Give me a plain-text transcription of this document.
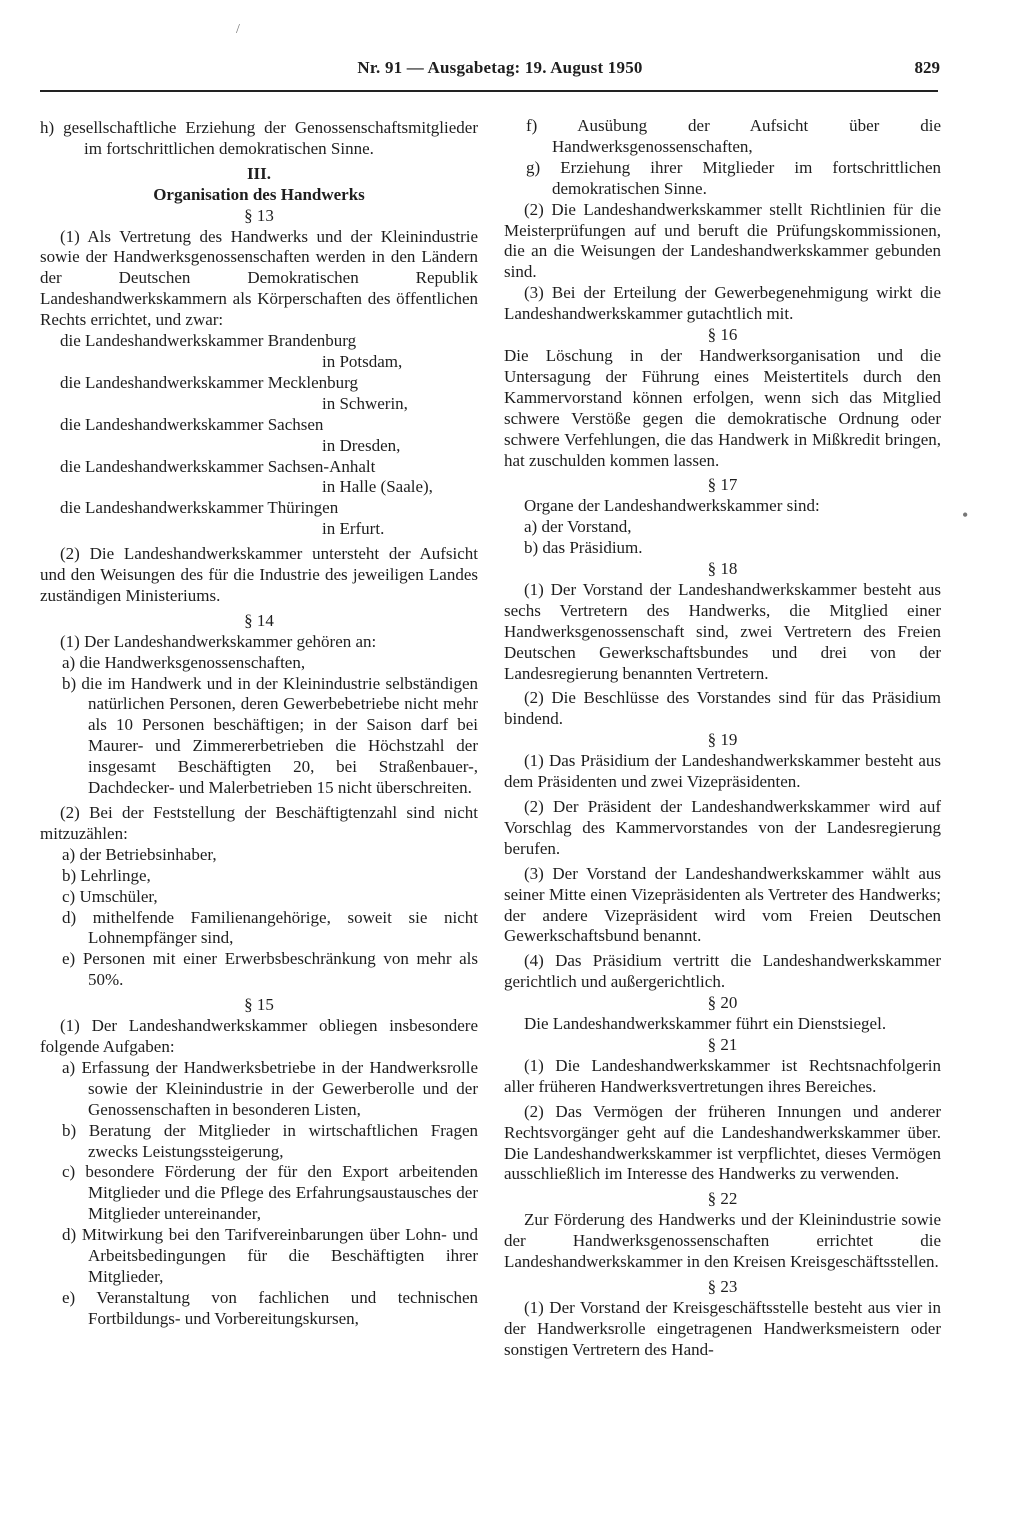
Nr. 91 — Ausgabetag: 19. August 1950	829

h) gesellschaftliche Erziehung der Genossenschaftsmitglieder im fortschrittlichen demokratischen Sinne.

III.

Organisation des Handwerks

§ 13

(1) Als Vertretung des Handwerks und der Kleinindustrie sowie der Handwerksgenossenschaften werden in den Ländern der Deutschen Demokratischen Republik Landeshandwerkskammern als Körperschaften des öffentlichen Rechts errichtet, und zwar:

die Landeshandwerkskammer Brandenburg
in Potsdam,

die Landeshandwerkskammer Mecklenburg
in Schwerin,

die Landeshandwerkskammer Sachsen
in Dresden,

die Landeshandwerkskammer Sachsen-Anhalt
in Halle (Saale),

die Landeshandwerkskammer Thüringen
in Erfurt.

(2) Die Landeshandwerkskammer untersteht der Aufsicht und den Weisungen des für die Industrie des jeweiligen Landes zuständigen Ministeriums.

§ 14

(1) Der Landeshandwerkskammer gehören an:

a) die Handwerksgenossenschaften,

b) die im Handwerk und in der Kleinindustrie selbständigen natürlichen Personen, deren Gewerbebetriebe nicht mehr als 10 Personen beschäftigen; in der Saison darf bei Maurer- und Zimmererbetrieben die Höchstzahl der insgesamt Beschäftigten 20, bei Straßenbauer-, Dachdecker- und Malerbetrieben 15 nicht überschreiten.

(2) Bei der Feststellung der Beschäftigtenzahl sind nicht mitzuzählen:

a) der Betriebsinhaber,

b) Lehrlinge,

c) Umschüler,

d) mithelfende Familienangehörige, soweit sie nicht Lohnempfänger sind,

e) Personen mit einer Erwerbsbeschränkung von mehr als 50%.

§ 15

(1) Der Landeshandwerkskammer obliegen insbesondere folgende Aufgaben:

a) Erfassung der Handwerksbetriebe in der Handwerksrolle sowie der Kleinindustrie in der Gewerberolle und der Genossenschaften in besonderen Listen,

b) Beratung der Mitglieder in wirtschaftlichen Fragen zwecks Leistungssteigerung,

c) besondere Förderung der für den Export arbeitenden Mitglieder und die Pflege des Erfahrungsaustausches der Mitglieder untereinander,

d) Mitwirkung bei den Tarifvereinbarungen über Lohn- und Arbeitsbedingungen für die Beschäftigten ihrer Mitglieder,

e) Veranstaltung von fachlichen und technischen Fortbildungs- und Vorbereitungskursen,

f) Ausübung der Aufsicht über die Handwerksgenossenschaften,

g) Erziehung ihrer Mitglieder im fortschrittlichen demokratischen Sinne.

(2) Die Landeshandwerkskammer stellt Richtlinien für die Meisterprüfungen auf und beruft die Prüfungskommissionen, die an die Weisungen der Landeshandwerkskammer gebunden sind.

(3) Bei der Erteilung der Gewerbegenehmigung wirkt die Landeshandwerkskammer gutachtlich mit.

§ 16

Die Löschung in der Handwerksorganisation und die Untersagung der Führung eines Meistertitels durch den Kammervorstand können erfolgen, wenn sich das Mitglied schwere Verstöße gegen die demokratische Ordnung oder schwere Verfehlungen, die das Handwerk in Mißkredit bringen, hat zuschulden kommen lassen.

§ 17

Organe der Landeshandwerkskammer sind:

a) der Vorstand,

b) das Präsidium.

§ 18

(1) Der Vorstand der Landeshandwerkskammer besteht aus sechs Vertretern des Handwerks, die Mitglied einer Handwerksgenossenschaft sind, zwei Vertretern des Freien Deutschen Gewerkschaftsbundes und drei von der Landesregierung benannten Vertretern.

(2) Die Beschlüsse des Vorstandes sind für das Präsidium bindend.

§ 19

(1) Das Präsidium der Landeshandwerkskammer besteht aus dem Präsidenten und zwei Vizepräsidenten.

(2) Der Präsident der Landeshandwerkskammer wird auf Vorschlag des Kammervorstandes von der Landesregierung berufen.

(3) Der Vorstand der Landeshandwerkskammer wählt aus seiner Mitte einen Vizepräsidenten als Vertreter des Handwerks; der andere Vizepräsident wird vom Freien Deutschen Gewerkschaftsbund benannt.

(4) Das Präsidium vertritt die Landeshandwerkskammer gerichtlich und außergerichtlich.

§ 20

Die Landeshandwerkskammer führt ein Dienstsiegel.

§ 21

(1) Die Landeshandwerkskammer ist Rechtsnachfolgerin aller früheren Handwerksvertretungen ihres Bereiches.

(2) Das Vermögen der früheren Innungen und anderer Rechtsvorgänger geht auf die Landeshandwerkskammer über. Die Landeshandwerkskammer ist verpflichtet, dieses Vermögen ausschließlich im Interesse des Handwerks zu verwenden.

§ 22

Zur Förderung des Handwerks und der Kleinindustrie sowie der Handwerksgenossenschaften errichtet die Landeshandwerkskammer in den Kreisen Kreisgeschäftsstellen.

§ 23

(1) Der Vorstand der Kreisgeschäftsstelle besteht aus vier in der Handwerksrolle eingetragenen Handwerksmeistern oder sonstigen Vertretern des Hand-

/
•
